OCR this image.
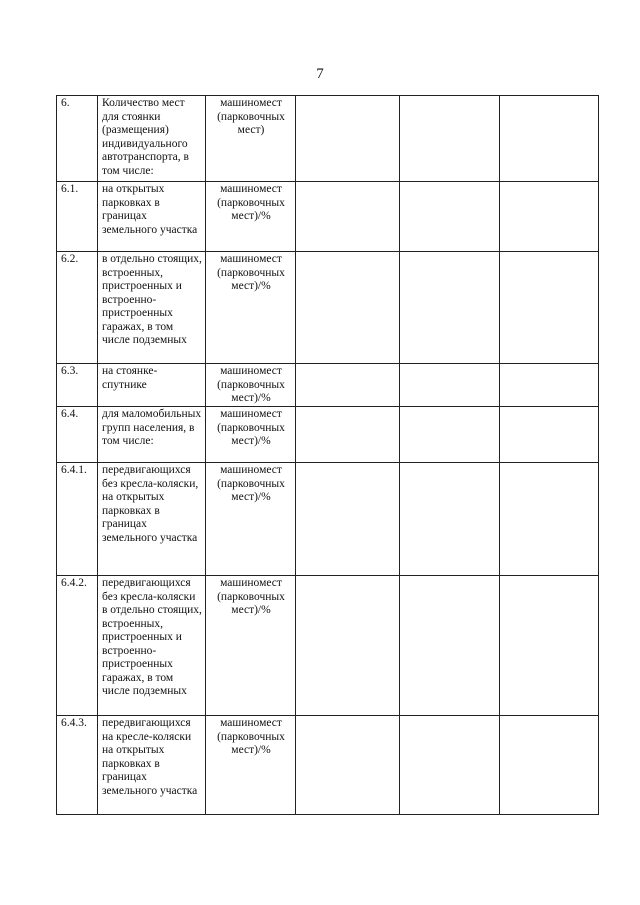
7
6.	Количество мест для стоянки (размещения) индивидуального автотранспорта, в том числе:	машиномест (парковочных мест)			
6.1.	на открытых парковках в границах земельного участка	машиномест (парковочных мест)/%			
6.2.	в отдельно стоящих, встроенных, пристроенных и встроенно-пристроенных гаражах, в том числе подземных	машиномест (парковочных мест)/%			
6.3.	на стоянке-спутнике	машиномест (парковочных мест)/%			
6.4.	для маломобильных групп населения, в том числе:	машиномест (парковочных мест)/%			
6.4.1.	передвигающихся без кресла-коляски, на открытых парковках в границах земельного участка	машиномест (парковочных мест)/%			
6.4.2.	передвигающихся без кресла-коляски в отдельно стоящих, встроенных, пристроенных и встроенно-пристроенных гаражах, в том числе подземных	машиномест (парковочных мест)/%			
6.4.3.	передвигающихся на кресле-коляски на открытых парковках в границах земельного участка	машиномест (парковочных мест)/%			
